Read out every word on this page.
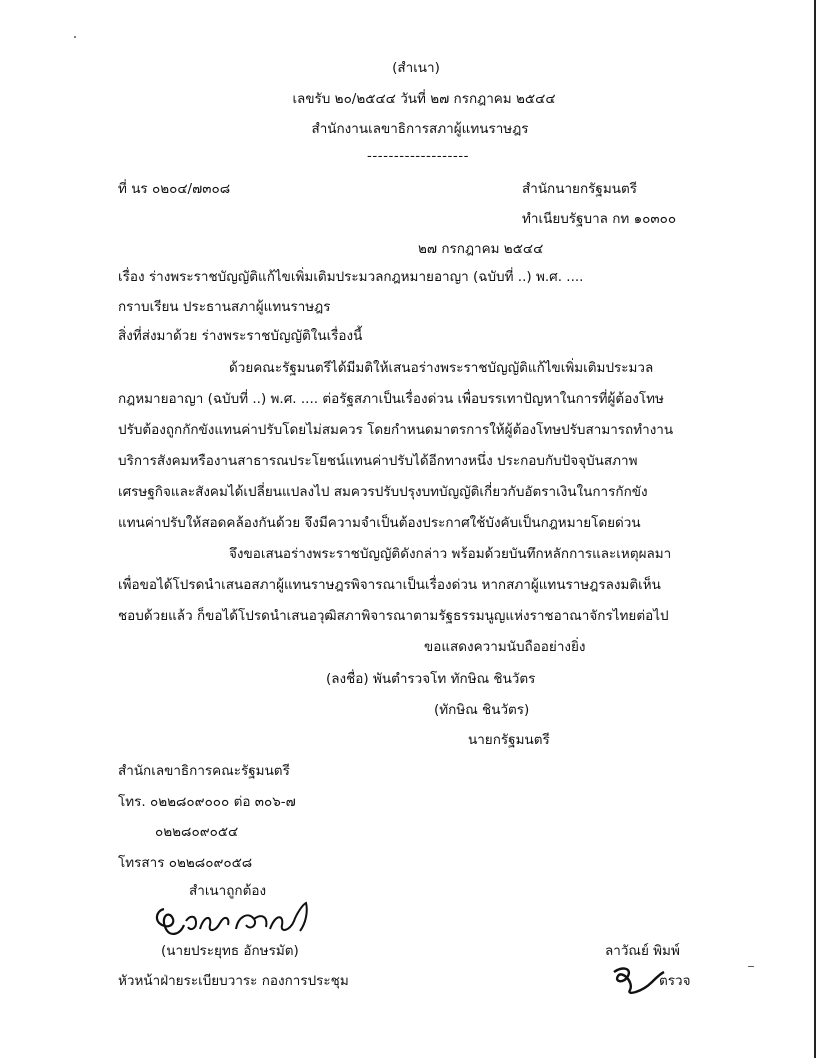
(สำเนา)
เลขรับ ๒๐/๒๕๔๔ วันที่ ๒๗ กรกฎาคม ๒๕๔๔
สำนักงานเลขาธิการสภาผู้แทนราษฎร
-------------------
ที่ นร ๐๒๐๔/๗๓๐๘	สำนักนายกรัฐมนตรี
ทำเนียบรัฐบาล กท ๑๐๓๐๐
๒๗ กรกฎาคม ๒๕๔๔
เรื่อง ร่างพระราชบัญญัติแก้ไขเพิ่มเติมประมวลกฎหมายอาญา (ฉบับที่ ..) พ.ศ. ....
กราบเรียน ประธานสภาผู้แทนราษฎร
สิ่งที่ส่งมาด้วย ร่างพระราชบัญญัติในเรื่องนี้
ด้วยคณะรัฐมนตรีได้มีมติให้เสนอร่างพระราชบัญญัติแก้ไขเพิ่มเติมประมวล
กฎหมายอาญา (ฉบับที่ ..) พ.ศ. .... ต่อรัฐสภาเป็นเรื่องด่วน เพื่อบรรเทาปัญหาในการที่ผู้ต้องโทษ
ปรับต้องถูกกักขังแทนค่าปรับโดยไม่สมควร โดยกำหนดมาตรการให้ผู้ต้องโทษปรับสามารถทำงาน
บริการสังคมหรืองานสาธารณประโยชน์แทนค่าปรับได้อีกทางหนึ่ง ประกอบกับปัจจุบันสภาพ
เศรษฐกิจและสังคมได้เปลี่ยนแปลงไป สมควรปรับปรุงบทบัญญัติเกี่ยวกับอัตราเงินในการกักขัง
แทนค่าปรับให้สอดคล้องกันด้วย จึงมีความจำเป็นต้องประกาศใช้บังคับเป็นกฎหมายโดยด่วน
จึงขอเสนอร่างพระราชบัญญัติดังกล่าว พร้อมด้วยบันทึกหลักการและเหตุผลมา
เพื่อขอได้โปรดนำเสนอสภาผู้แทนราษฎรพิจารณาเป็นเรื่องด่วน หากสภาผู้แทนราษฎรลงมติเห็น
ชอบด้วยแล้ว ก็ขอได้โปรดนำเสนอวุฒิสภาพิจารณาตามรัฐธรรมนูญแห่งราชอาณาจักรไทยต่อไป
ขอแสดงความนับถืออย่างยิ่ง
(ลงชื่อ) พันตำรวจโท ทักษิณ ชินวัตร
(ทักษิณ ชินวัตร)
นายกรัฐมนตรี
สำนักเลขาธิการคณะรัฐมนตรี
โทร. ๐๒๒๘๐๙๐๐๐ ต่อ ๓๐๖-๗
๐๒๒๘๐๙๐๕๔
โทรสาร ๐๒๒๘๐๙๐๕๘
สำเนาถูกต้อง
(นายประยุทธ อักษรมัต)
หัวหน้าฝ่ายระเบียบวาระ กองการประชุม
ลาวัณย์ พิมพ์
ตรวจ
